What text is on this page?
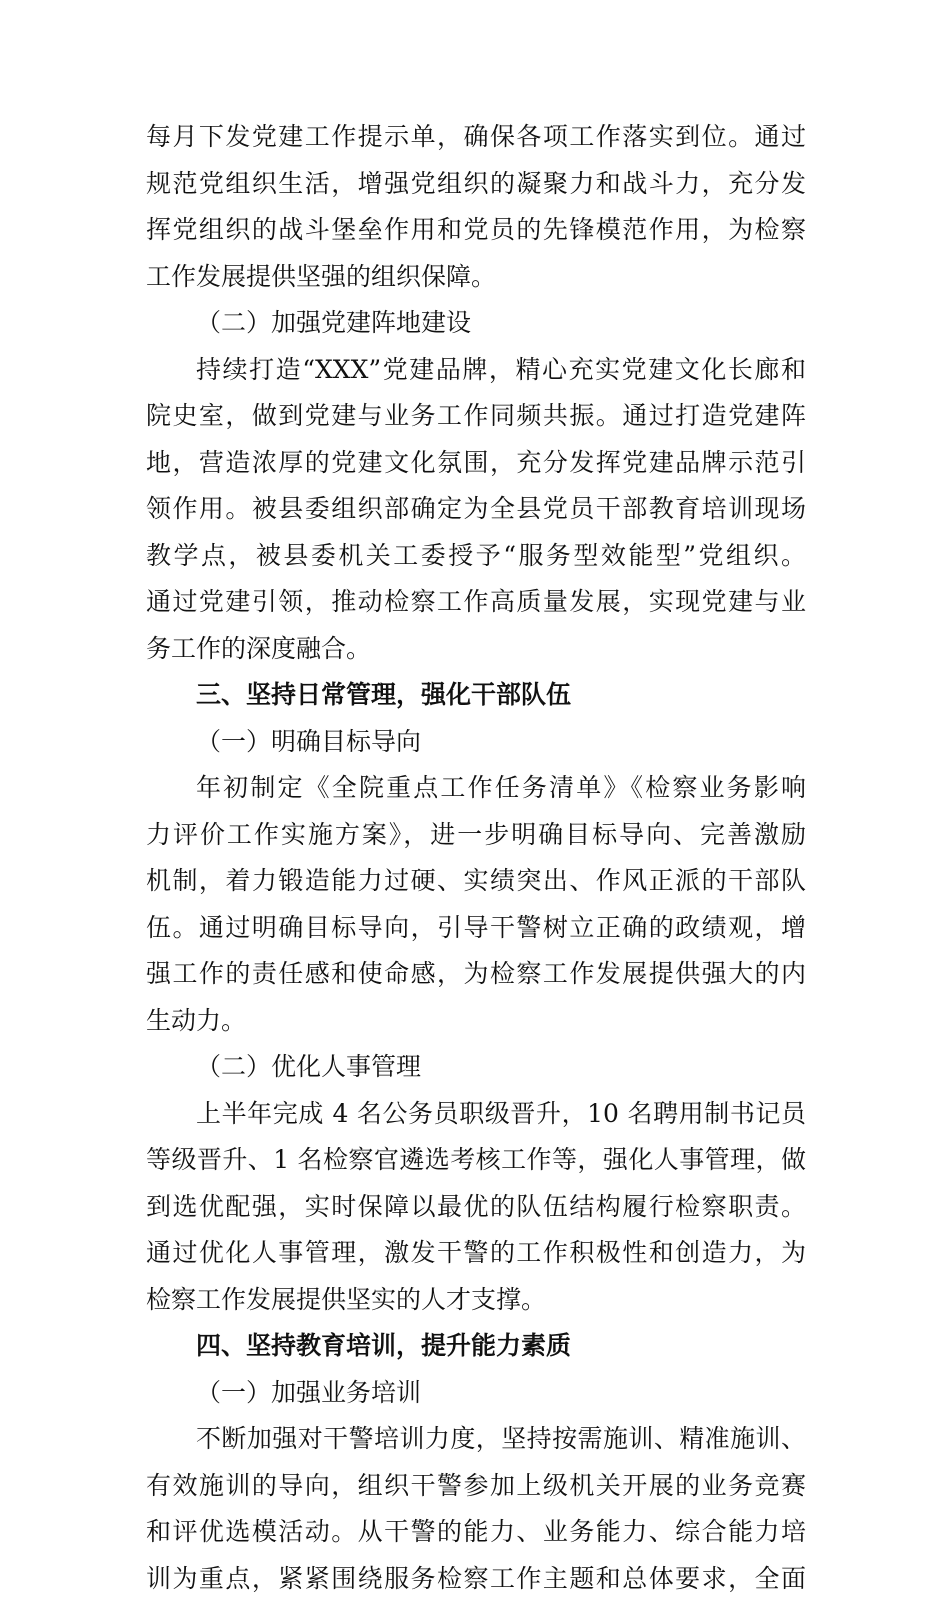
每月下发党建工作提示单，确保各项工作落实到位。通过
规范党组织生活，增强党组织的凝聚力和战斗力，充分发
挥党组织的战斗堡垒作用和党员的先锋模范作用，为检察
工作发展提供坚强的组织保障。
（二）加强党建阵地建设
持续打造“XXX”党建品牌，精心充实党建文化长廊和
院史室，做到党建与业务工作同频共振。通过打造党建阵
地，营造浓厚的党建文化氛围，充分发挥党建品牌示范引
领作用。被县委组织部确定为全县党员干部教育培训现场
教学点，被县委机关工委授予“服务型效能型”党组织。
通过党建引领，推动检察工作高质量发展，实现党建与业
务工作的深度融合。
三、坚持日常管理，强化干部队伍
（一）明确目标导向
年初制定《全院重点工作任务清单》《检察业务影响
力评价工作实施方案》，进一步明确目标导向、完善激励
机制，着力锻造能力过硬、实绩突出、作风正派的干部队
伍。通过明确目标导向，引导干警树立正确的政绩观，增
强工作的责任感和使命感，为检察工作发展提供强大的内
生动力。
（二）优化人事管理
上半年完成 4 名公务员职级晋升，10 名聘用制书记员
等级晋升、1 名检察官遴选考核工作等，强化人事管理，做
到选优配强，实时保障以最优的队伍结构履行检察职责。
通过优化人事管理，激发干警的工作积极性和创造力，为
检察工作发展提供坚实的人才支撑。
四、坚持教育培训，提升能力素质
（一）加强业务培训
不断加强对干警培训力度，坚持按需施训、精准施训、
有效施训的导向，组织干警参加上级机关开展的业务竞赛
和评优选模活动。从干警的能力、业务能力、综合能力培
训为重点，紧紧围绕服务检察工作主题和总体要求，全面
